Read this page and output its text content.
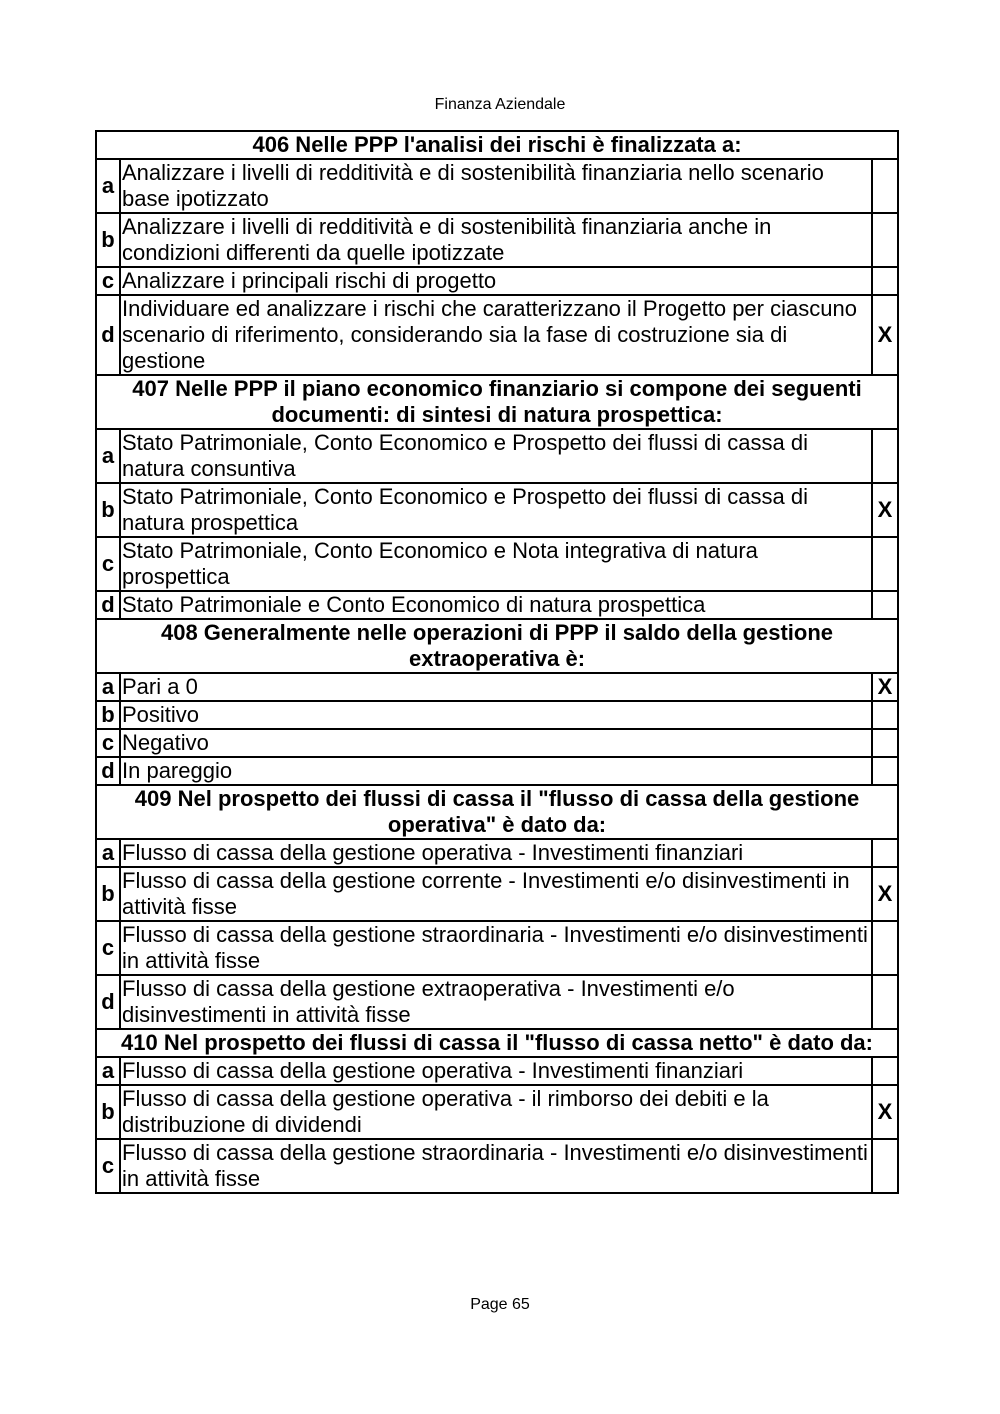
Finanza Aziendale
406 Nelle PPP l'analisi dei rischi è finalizzata a:		
a	Analizzare i livelli di redditività e di sostenibilità finanziaria nello scenario base ipotizzato	
b	Analizzare i livelli di redditività e di sostenibilità finanziaria anche in condizioni differenti da quelle ipotizzate	
c	Analizzare i principali rischi di progetto	
d	Individuare ed analizzare i rischi che caratterizzano il Progetto per ciascuno scenario di riferimento, considerando sia la fase di costruzione sia di gestione	X
407 Nelle PPP il piano economico finanziario si compone dei seguenti documenti: di sintesi di natura prospettica:		
a	Stato Patrimoniale, Conto Economico e Prospetto dei flussi di cassa di natura consuntiva	
b	Stato Patrimoniale, Conto Economico e Prospetto dei flussi di cassa di natura prospettica	X
c	Stato Patrimoniale, Conto Economico e Nota integrativa di natura prospettica	
d	Stato Patrimoniale e Conto Economico di natura prospettica	
408 Generalmente nelle operazioni di PPP il saldo della gestione extraoperativa è:		
a	Pari a 0	X
b	Positivo	
c	Negativo	
d	In pareggio	
409 Nel prospetto dei flussi di cassa il "flusso di cassa della gestione operativa" è dato da:		
a	Flusso di cassa della gestione operativa - Investimenti finanziari	
b	Flusso di cassa della gestione corrente - Investimenti e/o disinvestimenti in attività fisse	X
c	Flusso di cassa della gestione straordinaria - Investimenti e/o disinvestimenti in attività fisse	
d	Flusso di cassa della gestione extraoperativa - Investimenti e/o disinvestimenti in attività fisse	
410 Nel prospetto dei flussi di cassa il "flusso di cassa netto" è dato da:		
a	Flusso di cassa della gestione operativa - Investimenti finanziari	
b	Flusso di cassa della gestione operativa - il rimborso dei debiti e la distribuzione di dividendi	X
c	Flusso di cassa della gestione straordinaria - Investimenti e/o disinvestimenti in attività fisse	
Page 65
